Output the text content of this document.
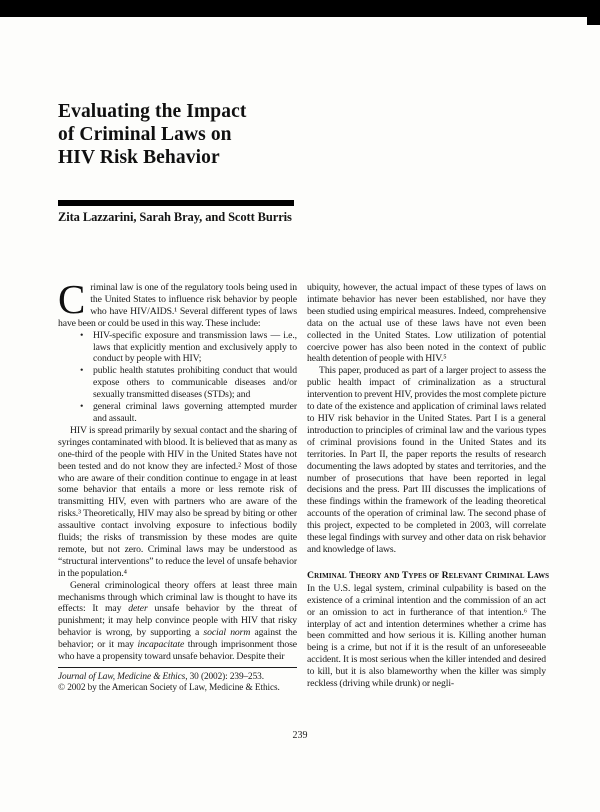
Evaluating the Impact
of Criminal Laws on
HIV Risk Behavior
Zita Lazzarini, Sarah Bray, and Scott Burris

Criminal law is one of the regulatory tools being used in the United States to influence risk behavior by people who have HIV/AIDS.¹ Several different types of laws have been or could be used in this way. These include:

• HIV-specific exposure and transmission laws — i.e., laws that explicitly mention and exclusively apply to conduct by people with HIV;
• public health statutes prohibiting conduct that would expose others to communicable diseases and/or sexually transmitted diseases (STDs); and
• general criminal laws governing attempted murder and assault.

HIV is spread primarily by sexual contact and the sharing of syringes contaminated with blood. It is believed that as many as one-third of the people with HIV in the United States have not been tested and do not know they are infected.² Most of those who are aware of their condition continue to engage in at least some behavior that entails a more or less remote risk of transmitting HIV, even with partners who are aware of the risks.³ Theoretically, HIV may also be spread by biting or other assaultive contact involving exposure to infectious bodily fluids; the risks of transmission by these modes are quite remote, but not zero. Criminal laws may be understood as “structural interventions” to reduce the level of unsafe behavior in the population.⁴

General criminological theory offers at least three main mechanisms through which criminal law is thought to have its effects: It may deter unsafe behavior by the threat of punishment; it may help convince people with HIV that risky behavior is wrong, by supporting a social norm against the behavior; or it may incapacitate through imprisonment those who have a propensity toward unsafe behavior. Despite their

Journal of Law, Medicine & Ethics, 30 (2002): 239–253.
© 2002 by the American Society of Law, Medicine & Ethics.

ubiquity, however, the actual impact of these types of laws on intimate behavior has never been established, nor have they been studied using empirical measures. Indeed, comprehensive data on the actual use of these laws have not even been collected in the United States. Low utilization of potential coercive power has also been noted in the context of public health detention of people with HIV.⁵

This paper, produced as part of a larger project to assess the public health impact of criminalization as a structural intervention to prevent HIV, provides the most complete picture to date of the existence and application of criminal laws related to HIV risk behavior in the United States. Part I is a general introduction to principles of criminal law and the various types of criminal provisions found in the United States and its territories. In Part II, the paper reports the results of research documenting the laws adopted by states and territories, and the number of prosecutions that have been reported in legal decisions and the press. Part III discusses the implications of these findings within the framework of the leading theoretical accounts of the operation of criminal law. The second phase of this project, expected to be completed in 2003, will correlate these legal findings with survey and other data on risk behavior and knowledge of laws.

Criminal Theory and Types of Relevant Criminal Laws

In the U.S. legal system, criminal culpability is based on the existence of a criminal intention and the commission of an act or an omission to act in furtherance of that intention.⁶ The interplay of act and intention determines whether a crime has been committed and how serious it is. Killing another human being is a crime, but not if it is the result of an unforeseeable accident. It is most serious when the killer intended and desired to kill, but it is also blameworthy when the killer was simply reckless (driving while drunk) or negli-

239
